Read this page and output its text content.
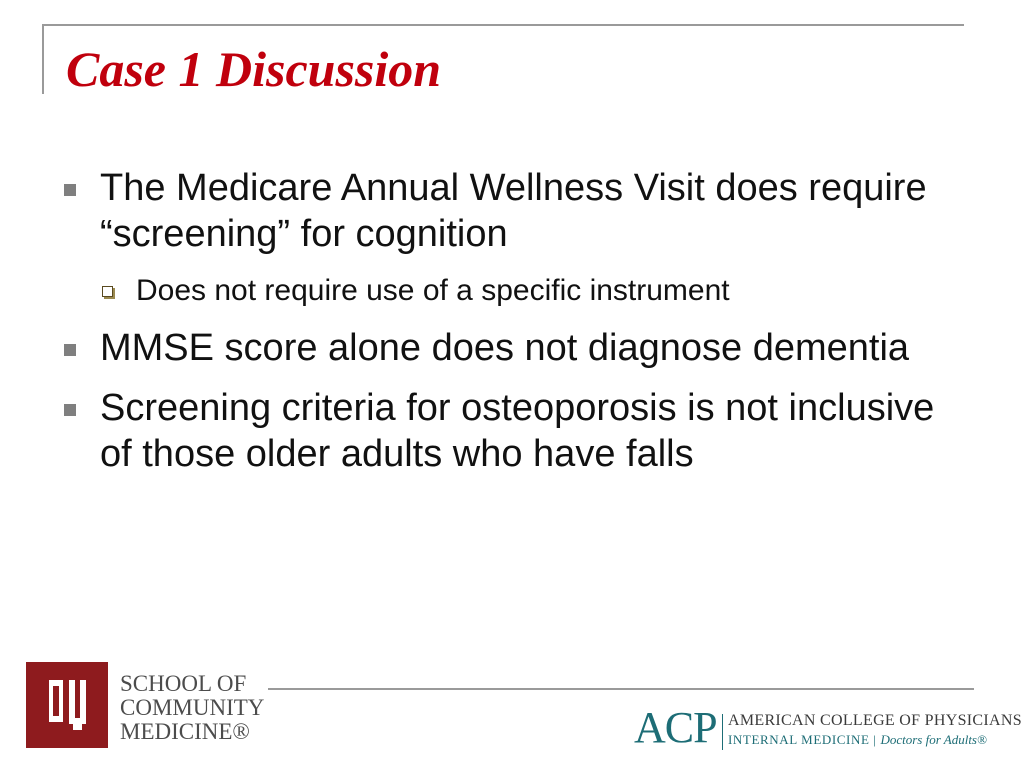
Case 1 Discussion
The Medicare Annual Wellness Visit does require “screening” for cognition
Does not require use of a specific instrument
MMSE score alone does not diagnose dementia
Screening criteria for osteoporosis is not inclusive of those older adults who have falls
SCHOOL OF
COMMUNITY
MEDICINE®	ACP AMERICAN COLLEGE OF PHYSICIANS
INTERNAL MEDICINE | Doctors for Adults®
